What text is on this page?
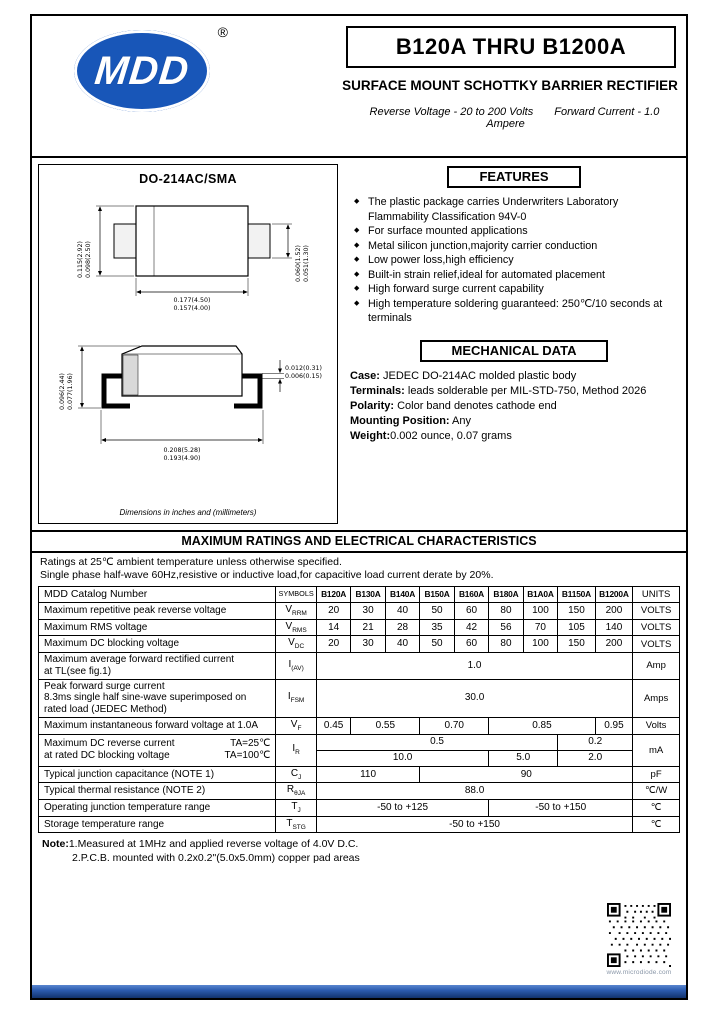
MDD
®
B120A THRU B1200A
SURFACE MOUNT SCHOTTKY BARRIER RECTIFIER
Reverse Voltage - 20 to 200 Volts Forward Current - 1.0 Ampere
DO-214AC/SMA
0.115(2.92) 0.098(2.50)	0.060(1.52) 0.051(1.30)
0.177(4.50)
0.157(4.00)
0.096(2.44) 0.077(1.96)
0.012(0.31)
0.006(0.15)
0.208(5.28)
0.193(4.90)
Dimensions in inches and (millimeters)
FEATURES
◆ The plastic package carries Underwriters Laboratory Flammability Classification 94V-0
◆ For surface mounted applications
◆ Metal silicon junction,majority carrier conduction
◆ Low power loss,high efficiency
◆ Built-in strain relief,ideal for automated placement
◆ High forward surge current capability
◆ High temperature soldering guaranteed: 250℃/10 seconds at terminals
MECHANICAL DATA

Case: JEDEC DO-214AC molded plastic body

Terminals: leads solderable per MIL-STD-750, Method 2026

Polarity: Color band denotes cathode end

Mounting Position: Any

Weight:0.002 ounce, 0.07 grams

MAXIMUM RATINGS AND ELECTRICAL CHARACTERISTICS
Ratings at 25℃ ambient temperature unless otherwise specified.
Single phase half-wave 60Hz,resistive or inductive load,for capacitive load current derate by 20%.
MDD Catalog Number	SYMBOLS	B120A	B130A	B140A	B150A	B160A	B180A	B1A0A	B1150A	B1200A	UNITS
Maximum repetitive peak reverse voltage	$V_{RRM}$	20	30	40	50	60	80	100	150	200	VOLTS
Maximum RMS voltage	$V_{RMS}$	14	21	28	35	42	56	70	105	140	VOLTS
Maximum DC blocking voltage	$V_{DC}$	20	30	40	50	60	80	100	150	200	VOLTS

Maximum average forward rectified current
at TL(see fig.1)	$I_{(AV)}$	1.0									Amp

Peak forward surge current
8.3ms single half sine-wave superimposed on
rated load (JEDEC Method)	$I_{FSM}$	30.0									Amps
Maximum instantaneous forward voltage at 1.0A	$V_F$	0.45	0.55		0.70		0.85			0.95	Volts

Maximum DC reverse current TA=25℃
at rated DC blocking voltage TA=100℃	$I_R$	0.5							0.2		mA
		10.0					5.0		2.0		
Typical junction capacitance (NOTE 1)	$C_J$	110			90						pF
Typical thermal resistance (NOTE 2)	$R_{\theta JA}$	88.0									℃/W
Operating junction temperature range	$T_J$	-50 to +125					-50 to +150				℃
Storage temperature range	$T_{STG}$	-50 to +150									℃
Note:1.Measured at 1MHz and applied reverse voltage of 4.0V D.C.
2.P.C.B. mounted with 0.2x0.2"(5.0x5.0mm) copper pad areas
www.microdiode.com
